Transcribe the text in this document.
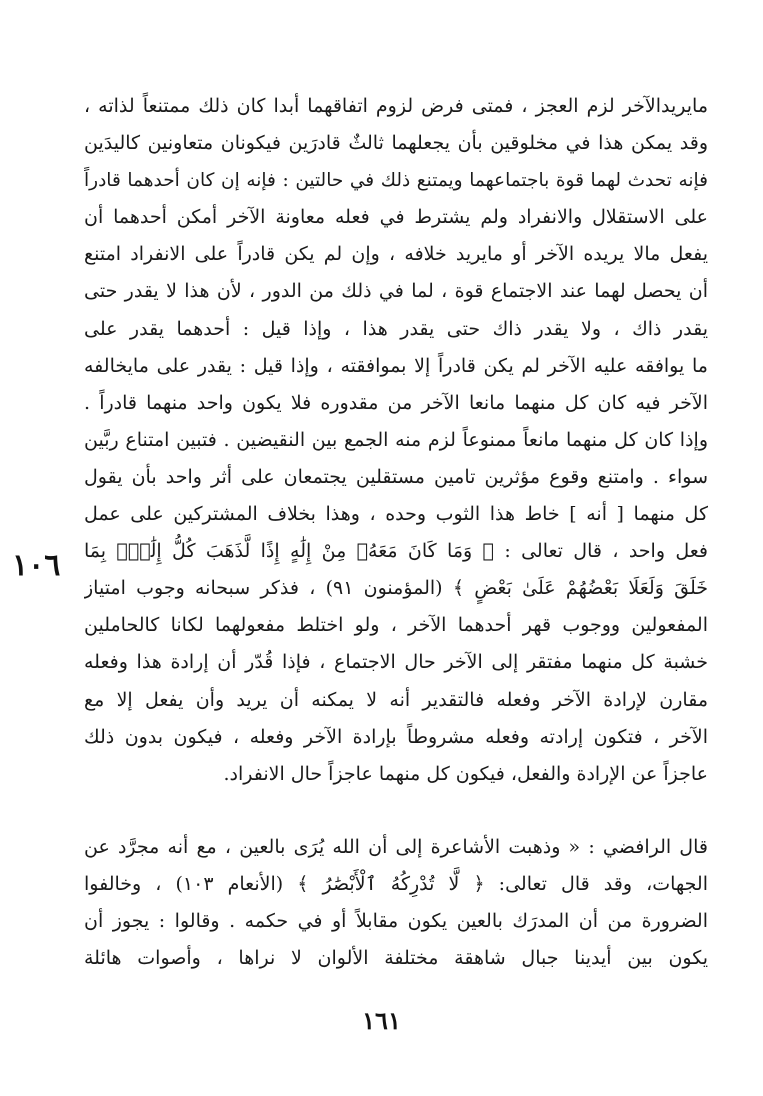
مايريدالآخر لزم العجز ، فمتى فرض لزوم اتفاقهما أبدا كان ذلك ممتنعاً لذاته ،
وقد يمكن هذا في مخلوقين بأن يجعلهما ثالثٌ قادرَين فيكونان متعاونين كاليدَين
فإنه تحدث لهما قوة باجتماعهما ويمتنع ذلك في حالتين : فإنه إن كان أحدهما قادراً
على الاستقلال والانفراد ولم يشترط في فعله معاونة الآخر أمكن أحدهما أن
يفعل مالا يريده الآخر أو مايريد خلافه ، وإن لم يكن قادراً على الانفراد امتنع
أن يحصل لهما عند الاجتماع قوة ، لما في ذلك من الدور ، لأن هذا لا يقدر حتى
يقدر ذاك ، ولا يقدر ذاك حتى يقدر هذا ، وإذا قيل : أحدهما يقدر على
ما يوافقه عليه الآخر لم يكن قادراً إلا بموافقته ، وإذا قيل : يقدر على مايخالفه
الآخر فيه كان كل منهما مانعا الآخر من مقدوره فلا يكون واحد منهما قادراً .
وإذا كان كل منهما مانعاً ممنوعاً لزم منه الجمع بين النقيضين . فتبين امتناع ربَّين
سواء . وامتنع وقوع مؤثرين تامين مستقلين يجتمعان على أثر واحد بأن يقول
كل منهما [ أنه ] خاط هذا الثوب وحده ، وهذا بخلاف المشتركين على عمل
فعل واحد ، قال تعالى : ﴿ وَمَا كَانَ مَعَهُۥ مِنْ إِلَٰهٍ إِذًا لَّذَهَبَ كُلُّ إِلَٰهٍۭ بِمَا
خَلَقَ وَلَعَلَا بَعْضُهُمْ عَلَىٰ بَعْضٍ ﴾ (المؤمنون ٩١) ، فذكر سبحانه وجوب امتياز
المفعولين ووجوب قهر أحدهما الآخر ، ولو اختلط مفعولهما لكانا كالحاملين
خشبة كل منهما مفتقر إلى الآخر حال الاجتماع ، فإذا قُدّر أن إرادة هذا وفعله
مقارن لإرادة الآخر وفعله فالتقدير أنه لا يمكنه أن يريد وأن يفعل إلا مع
الآخر ، فتكون إرادته وفعله مشروطاً بإرادة الآخر وفعله ، فيكون بدون ذلك
عاجزاً عن الإرادة والفعل، فيكون كل منهما عاجزاً حال الانفراد.
١٠٦
قال الرافضي : « وذهبت الأشاعرة إلى أن الله يُرَى بالعين ، مع أنه مجرَّد عن
الجهات، وقد قال تعالى: ﴿ لَّا تُدْرِكُهُ ٱلْأَبْصَٰرُ ﴾ (الأنعام ١٠٣) ، وخالفوا
الضرورة من أن المدرَك بالعين يكون مقابلاً أو في حكمه . وقالوا : يجوز أن
يكون بين أيدينا جبال شاهقة مختلفة الألوان لا نراها ، وأصوات هائلة
١٦١
